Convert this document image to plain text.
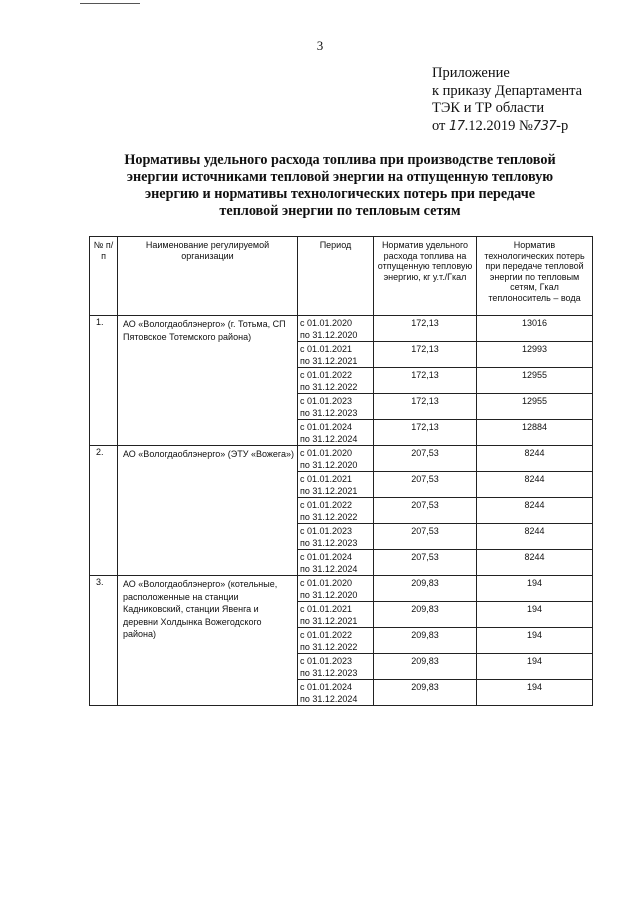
3
Приложение
к приказу Департамента
ТЭК и ТР области
от 17.12.2019 №737-р
Нормативы удельного расхода топлива при производстве тепловой
энергии источниками тепловой энергии на отпущенную тепловую
энергию и нормативы технологических потерь при передаче
тепловой энергии по тепловым сетям
№ п/п	Наименование регулируемой организации	Период	Норматив удельного расхода топлива на отпущенную тепловую энергию, кг у.т./Гкал	Норматив технологических потерь при передаче тепловой энергии по тепловым сетям, Гкал теплоноситель – вода
1.	АО «Вологдаоблэнерго» (г. Тотьма, СП Пятовское Тотемского района)	с 01.01.2020
по 31.12.2020	172,13	13016

		с 01.01.2021
по 31.12.2021	172,13	12993

		с 01.01.2022
по 31.12.2022	172,13	12955

		с 01.01.2023
по 31.12.2023	172,13	12955

		с 01.01.2024
по 31.12.2024	172,13	12884
2.	АО «Вологдаоблэнерго» (ЭТУ «Вожега»)	с 01.01.2020
по 31.12.2020	207,53	8244

		с 01.01.2021
по 31.12.2021	207,53	8244

		с 01.01.2022
по 31.12.2022	207,53	8244

		с 01.01.2023
по 31.12.2023	207,53	8244

		с 01.01.2024
по 31.12.2024	207,53	8244
3.	АО «Вологдаоблэнерго» (котельные, расположенные на станции Кадниковский, станции Явенга и деревни Холдынка Вожегодского района)	с 01.01.2020
по 31.12.2020	209,83	194

		с 01.01.2021
по 31.12.2021	209,83	194

		с 01.01.2022
по 31.12.2022	209,83	194

		с 01.01.2023
по 31.12.2023	209,83	194

		с 01.01.2024
по 31.12.2024	209,83	194
